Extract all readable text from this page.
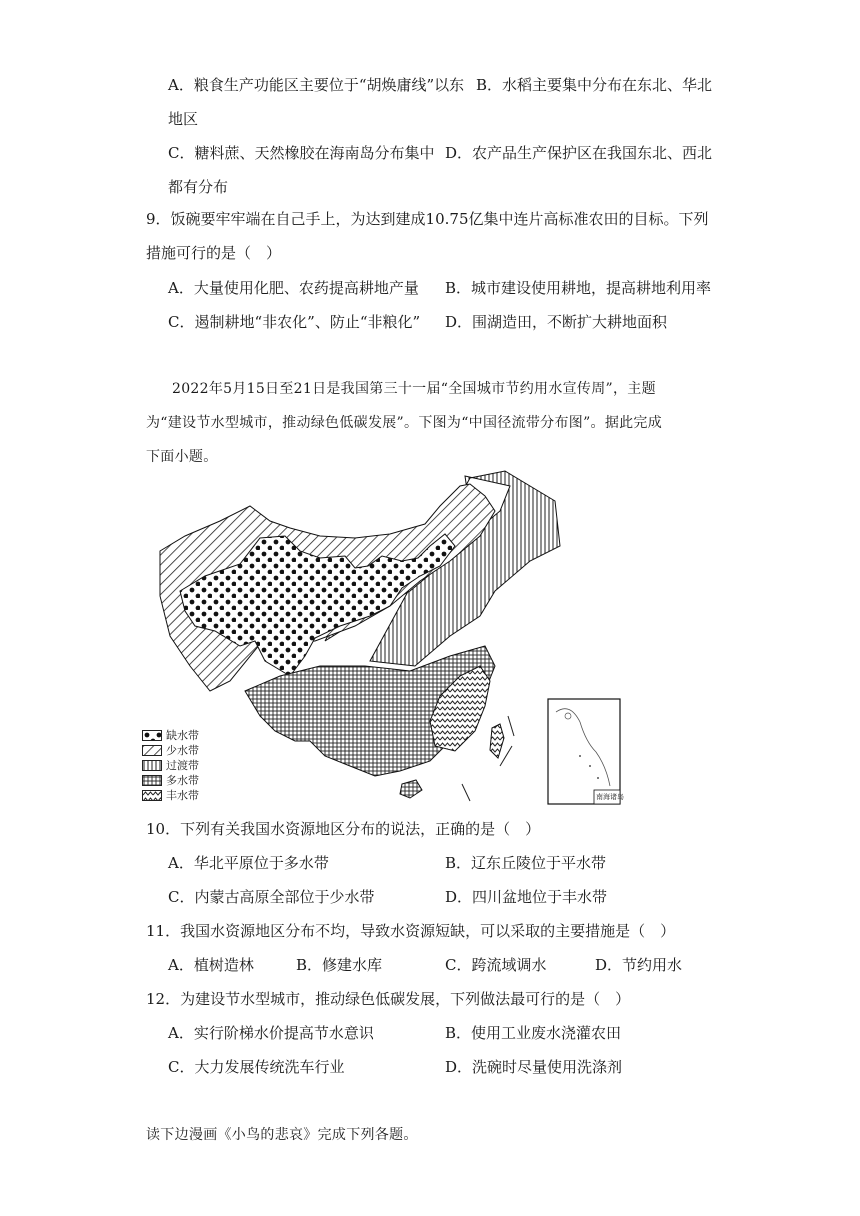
A．粮食生产功能区主要位于“胡焕庸线”以东 B．水稻主要集中分布在东北、华北
地区
C．糖料蔗、天然橡胶在海南岛分布集中 D．农产品生产保护区在我国东北、西北
都有分布
9．饭碗要牢牢端在自己手上，为达到建成10.75亿集中连片高标准农田的目标。下列
措施可行的是（　）
A．大量使用化肥、农药提高耕地产量 B．城市建设使用耕地，提高耕地利用率
C．遏制耕地“非农化”、防止“非粮化” D．围湖造田，不断扩大耕地面积
2022年5月15日至21日是我国第三十一届“全国城市节约用水宣传周”，主题
为“建设节水型城市，推动绿色低碳发展”。下图为“中国径流带分布图”。据此完成
下面小题。
南海诸岛
缺水带
少水带
过渡带
多水带
丰水带
10．下列有关我国水资源地区分布的说法，正确的是（　）
A．华北平原位于多水带	B．辽东丘陵位于平水带
C．内蒙古高原全部位于少水带	D．四川盆地位于丰水带
11．我国水资源地区分布不均，导致水资源短缺，可以采取的主要措施是（　）
A．植树造林	B．修建水库	C．跨流域调水	D．节约用水
12．为建设节水型城市，推动绿色低碳发展，下列做法最可行的是（　）
A．实行阶梯水价提高节水意识	B．使用工业废水浇灌农田
C．大力发展传统洗车行业	D．洗碗时尽量使用洗涤剂
读下边漫画《小鸟的悲哀》完成下列各题。
